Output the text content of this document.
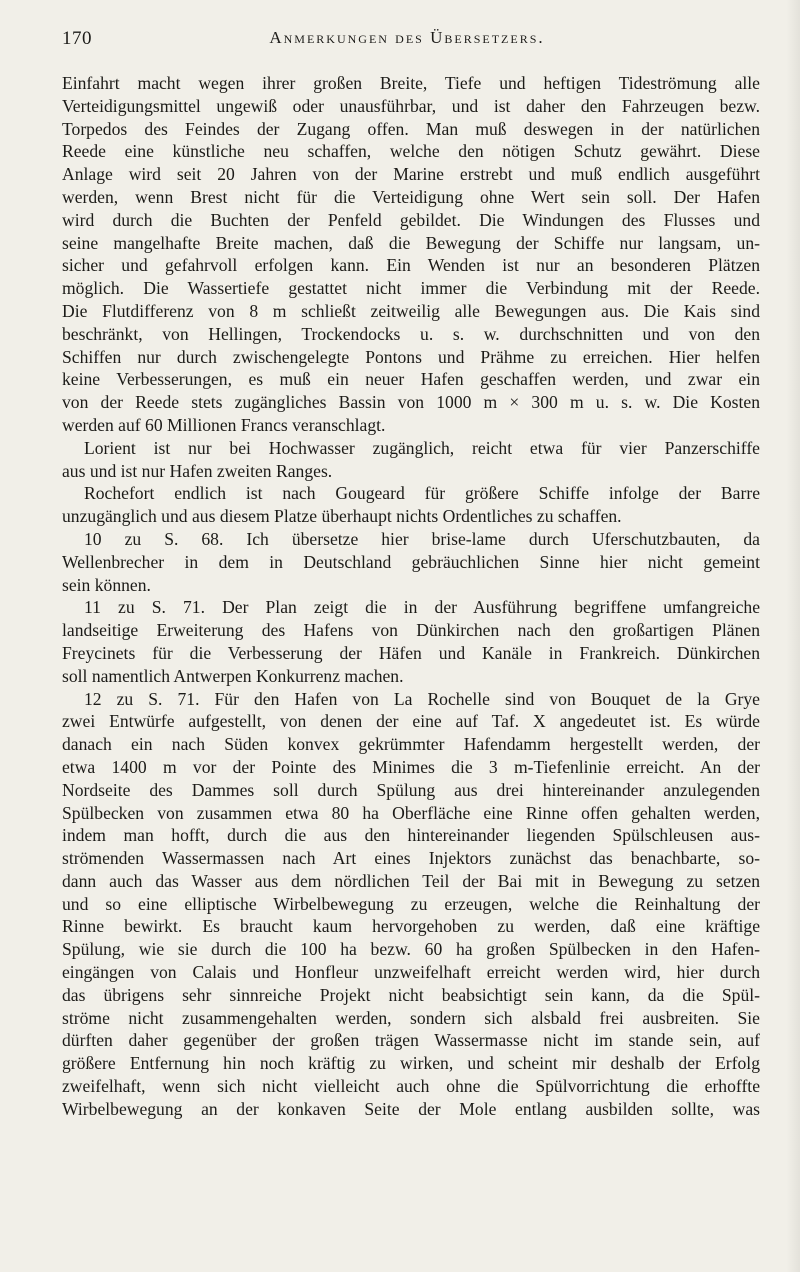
170	Anmerkungen des Übersetzers.

Einfahrt macht wegen ihrer großen Breite, Tiefe und heftigen Tideströmung alle
Verteidigungsmittel ungewiß oder unausführbar, und ist daher den Fahrzeugen bezw.
Torpedos des Feindes der Zugang offen. Man muß deswegen in der natürlichen
Reede eine künstliche neu schaffen, welche den nötigen Schutz gewährt. Diese
Anlage wird seit 20 Jahren von der Marine erstrebt und muß endlich ausgeführt
werden, wenn Brest nicht für die Verteidigung ohne Wert sein soll. Der Hafen
wird durch die Buchten der Penfeld gebildet. Die Windungen des Flusses und
seine mangelhafte Breite machen, daß die Bewegung der Schiffe nur langsam, un-
sicher und gefahrvoll erfolgen kann. Ein Wenden ist nur an besonderen Plätzen
möglich. Die Wassertiefe gestattet nicht immer die Verbindung mit der Reede.
Die Flutdifferenz von 8 m schließt zeitweilig alle Bewegungen aus. Die Kais sind
beschränkt, von Hellingen, Trockendocks u. s. w. durchschnitten und von den
Schiffen nur durch zwischengelegte Pontons und Prähme zu erreichen. Hier helfen
keine Verbesserungen, es muß ein neuer Hafen geschaffen werden, und zwar ein
von der Reede stets zugängliches Bassin von 1000 m × 300 m u. s. w. Die Kosten
werden auf 60 Millionen Francs veranschlagt.

Lorient ist nur bei Hochwasser zugänglich, reicht etwa für vier Panzerschiffe
aus und ist nur Hafen zweiten Ranges.

Rochefort endlich ist nach Gougeard für größere Schiffe infolge der Barre
unzugänglich und aus diesem Platze überhaupt nichts Ordentliches zu schaffen.

10 zu S. 68. Ich übersetze hier brise-lame durch Uferschutzbauten, da
Wellenbrecher in dem in Deutschland gebräuchlichen Sinne hier nicht gemeint
sein können.

11 zu S. 71. Der Plan zeigt die in der Ausführung begriffene umfangreiche
landseitige Erweiterung des Hafens von Dünkirchen nach den großartigen Plänen
Freycinets für die Verbesserung der Häfen und Kanäle in Frankreich. Dünkirchen
soll namentlich Antwerpen Konkurrenz machen.

12 zu S. 71. Für den Hafen von La Rochelle sind von Bouquet de la Grye
zwei Entwürfe aufgestellt, von denen der eine auf Taf. X angedeutet ist. Es würde
danach ein nach Süden konvex gekrümmter Hafendamm hergestellt werden, der
etwa 1400 m vor der Pointe des Minimes die 3 m-Tiefenlinie erreicht. An der
Nordseite des Dammes soll durch Spülung aus drei hintereinander anzulegenden
Spülbecken von zusammen etwa 80 ha Oberfläche eine Rinne offen gehalten werden,
indem man hofft, durch die aus den hintereinander liegenden Spülschleusen aus-
strömenden Wassermassen nach Art eines Injektors zunächst das benachbarte, so-
dann auch das Wasser aus dem nördlichen Teil der Bai mit in Bewegung zu setzen
und so eine elliptische Wirbelbewegung zu erzeugen, welche die Reinhaltung der
Rinne bewirkt. Es braucht kaum hervorgehoben zu werden, daß eine kräftige
Spülung, wie sie durch die 100 ha bezw. 60 ha großen Spülbecken in den Hafen-
eingängen von Calais und Honfleur unzweifelhaft erreicht werden wird, hier durch
das übrigens sehr sinnreiche Projekt nicht beabsichtigt sein kann, da die Spül-
ströme nicht zusammengehalten werden, sondern sich alsbald frei ausbreiten. Sie
dürften daher gegenüber der großen trägen Wassermasse nicht im stande sein, auf
größere Entfernung hin noch kräftig zu wirken, und scheint mir deshalb der Erfolg
zweifelhaft, wenn sich nicht vielleicht auch ohne die Spülvorrichtung die erhoffte
Wirbelbewegung an der konkaven Seite der Mole entlang ausbilden sollte, was
